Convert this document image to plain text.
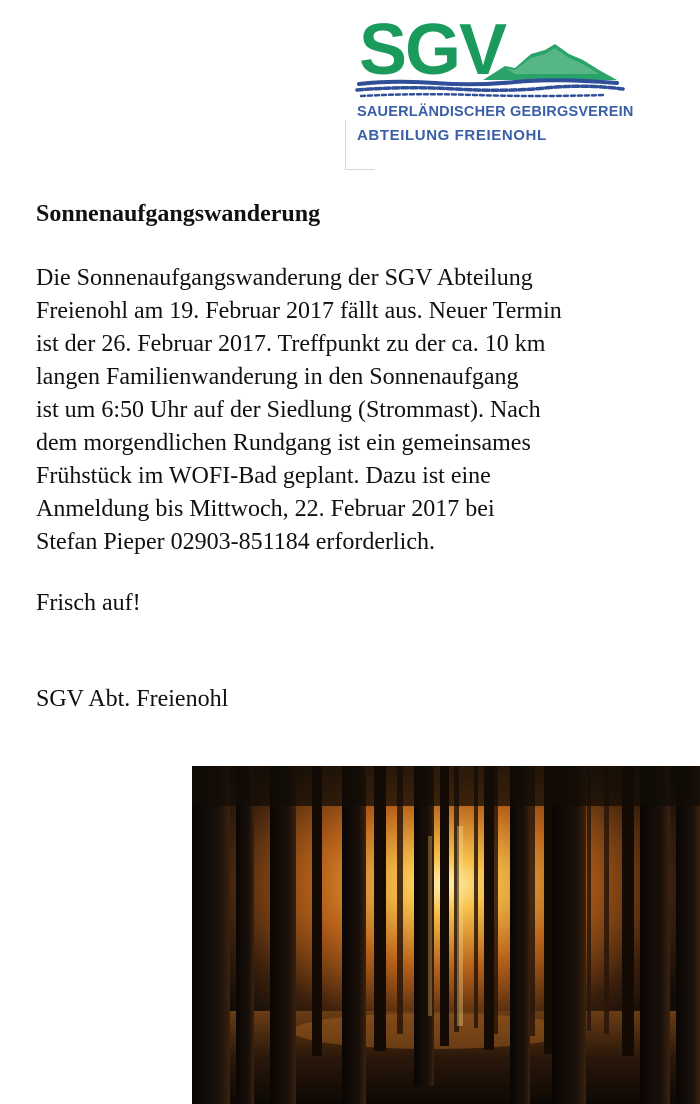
SGV
SAUERLÄNDISCHER GEBIRGSVEREIN
ABTEILUNG FREIENOHL
Sonnenaufgangswanderung

Die Sonnenaufgangswanderung der SGV Abteilung
Freienohl am 19. Februar 2017 fällt aus. Neuer Termin
ist der 26. Februar 2017. Treffpunkt zu der ca. 10 km
langen Familienwanderung in den Sonnenaufgang
ist um 6:50 Uhr auf der Siedlung (Strommast). Nach
dem morgendlichen Rundgang ist ein gemeinsames
Frühstück im WOFI-Bad geplant. Dazu ist eine
Anmeldung bis Mittwoch, 22. Februar 2017 bei
Stefan Pieper 02903-851184 erforderlich.

Frisch auf!

SGV Abt. Freienohl
